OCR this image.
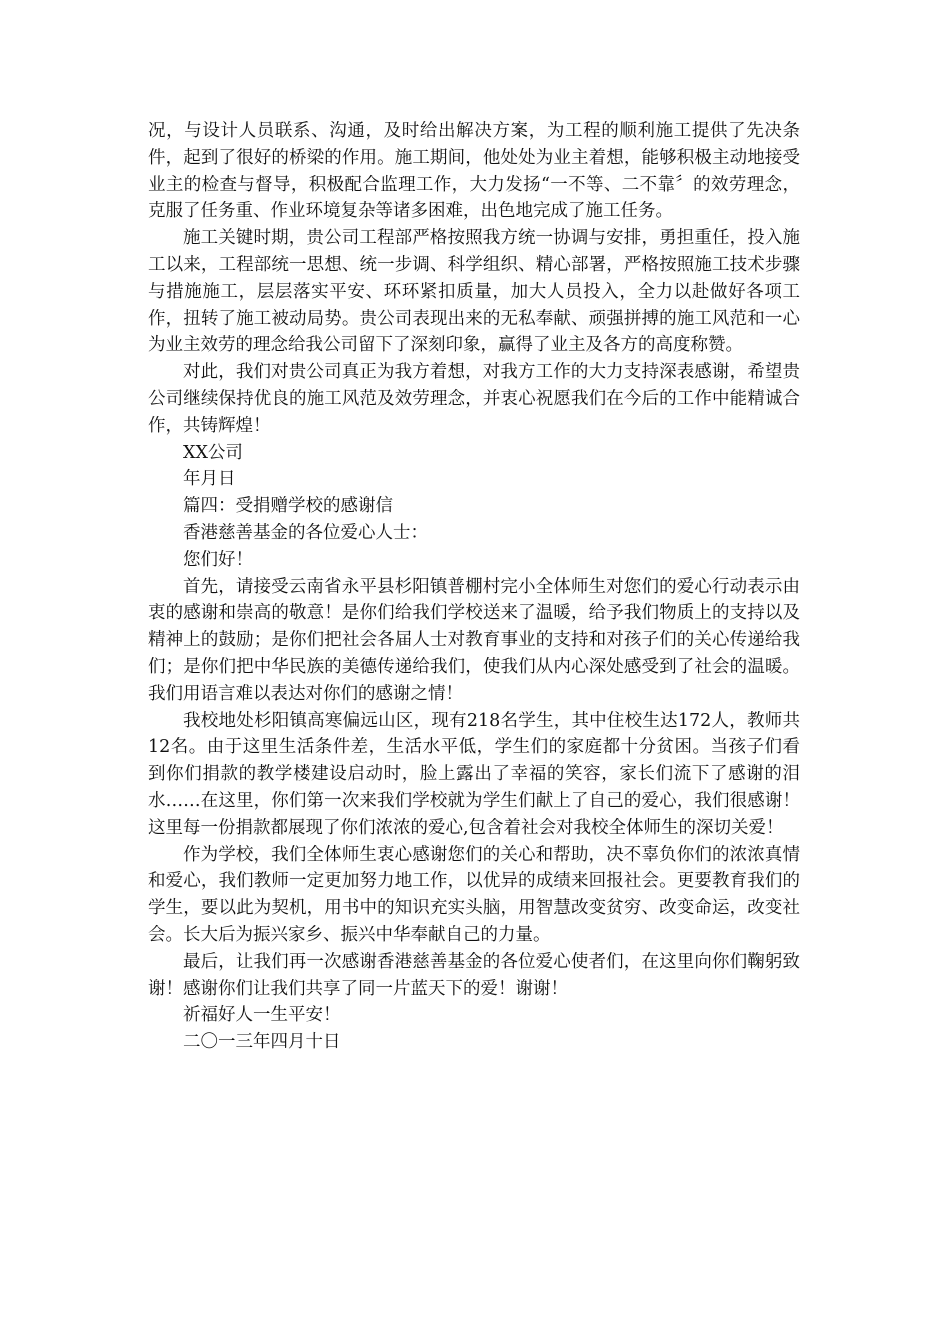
况，与设计人员联系、沟通，及时给出解决方案，为工程的顺利施工提供了先决条件，起到了很好的桥梁的作用。施工期间，他处处为业主着想，能够积极主动地接受业主的检查与督导，积极配合监理工作，大力发扬“一不等、二不靠〞的效劳理念，克服了任务重、作业环境复杂等诸多困难，出色地完成了施工任务。

施工关键时期，贵公司工程部严格按照我方统一协调与安排，勇担重任，投入施工以来，工程部统一思想、统一步调、科学组织、精心部署，严格按照施工技术步骤与措施施工，层层落实平安、环环紧扣质量，加大人员投入，全力以赴做好各项工作，扭转了施工被动局势。贵公司表现出来的无私奉献、顽强拼搏的施工风范和一心为业主效劳的理念给我公司留下了深刻印象，赢得了业主及各方的高度称赞。

对此，我们对贵公司真正为我方着想，对我方工作的大力支持深表感谢，希望贵公司继续保持优良的施工风范及效劳理念，并衷心祝愿我们在今后的工作中能精诚合作，共铸辉煌！

XX公司

年月日

篇四：受捐赠学校的感谢信

香港慈善基金的各位爱心人士：

您们好！

首先，请接受云南省永平县杉阳镇普棚村完小全体师生对您们的爱心行动表示由衷的感谢和崇高的敬意！是你们给我们学校送来了温暖，给予我们物质上的支持以及精神上的鼓励；是你们把社会各届人士对教育事业的支持和对孩子们的关心传递给我们；是你们把中华民族的美德传递给我们，使我们从内心深处感受到了社会的温暖。我们用语言难以表达对你们的感谢之情！

我校地处杉阳镇高寒偏远山区，现有218名学生，其中住校生达172人，教师共12名。由于这里生活条件差，生活水平低，学生们的家庭都十分贫困。当孩子们看到你们捐款的教学楼建设启动时，脸上露出了幸福的笑容，家长们流下了感谢的泪水……在这里，你们第一次来我们学校就为学生们献上了自己的爱心，我们很感谢！这里每一份捐款都展现了你们浓浓的爱心,包含着社会对我校全体师生的深切关爱！

作为学校，我们全体师生衷心感谢您们的关心和帮助，决不辜负你们的浓浓真情和爱心，我们教师一定更加努力地工作，以优异的成绩来回报社会。更要教育我们的学生，要以此为契机，用书中的知识充实头脑，用智慧改变贫穷、改变命运，改变社会。长大后为振兴家乡、振兴中华奉献自己的力量。

最后，让我们再一次感谢香港慈善基金的各位爱心使者们，在这里向你们鞠躬致谢！感谢你们让我们共享了同一片蓝天下的爱！谢谢！

祈福好人一生平安！

二〇一三年四月十日
